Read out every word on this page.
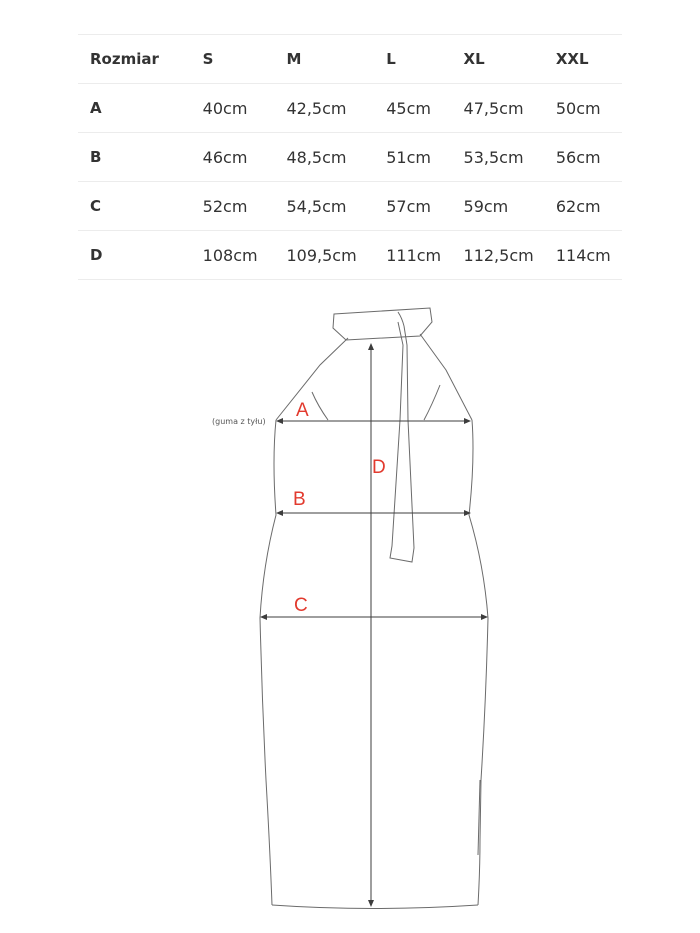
Rozmiar	S	M	L	XL	XXL
A	40cm	42,5cm	45cm	47,5cm	50cm
B	46cm	48,5cm	51cm	53,5cm	56cm
C	52cm	54,5cm	57cm	59cm	62cm
D	108cm	109,5cm	111cm	112,5cm	114cm
A
B
C
D
(guma z tyłu)
